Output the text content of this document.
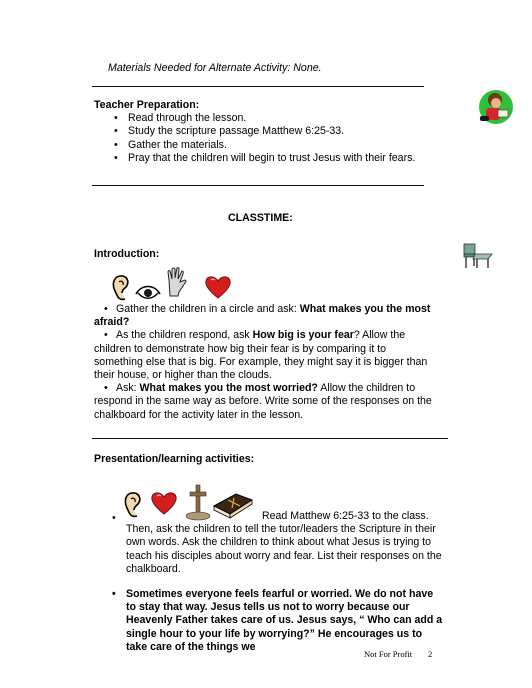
Materials Needed for Alternate Activity: None.
Teacher Preparation:
• Read through the lesson.
• Study the scripture passage Matthew 6:25-33.
• Gather the materials.
• Pray that the children will begin to trust Jesus with their fears.
CLASSTIME:
Introduction:
• Gather the children in a circle and ask: What makes you the most afraid?
• As the children respond, ask How big is your fear? Allow the children to demonstrate how big their fear is by comparing it to something else that is big. For example, they might say it is bigger than their house, or higher than the clouds.
• Ask: What makes you the most worried? Allow the children to respond in the same way as before. Write some of the responses on the chalkboard for the activity later in the lesson.
Presentation/learning activities:
•	Read Matthew 6:25-33 to the class. Then, ask the children to tell the tutor/leaders the Scripture in their own words. Ask the children to think about what Jesus is trying to teach his disciples about worry and fear. List their responses on the chalkboard.
• Sometimes everyone feels fearful or worried. We do not have to stay that way. Jesus tells us not to worry because our Heavenly Father takes care of us. Jesus says, “ Who can add a single hour to your life by worrying?” He encourages us to take care of the things we
Not For Profit 2
